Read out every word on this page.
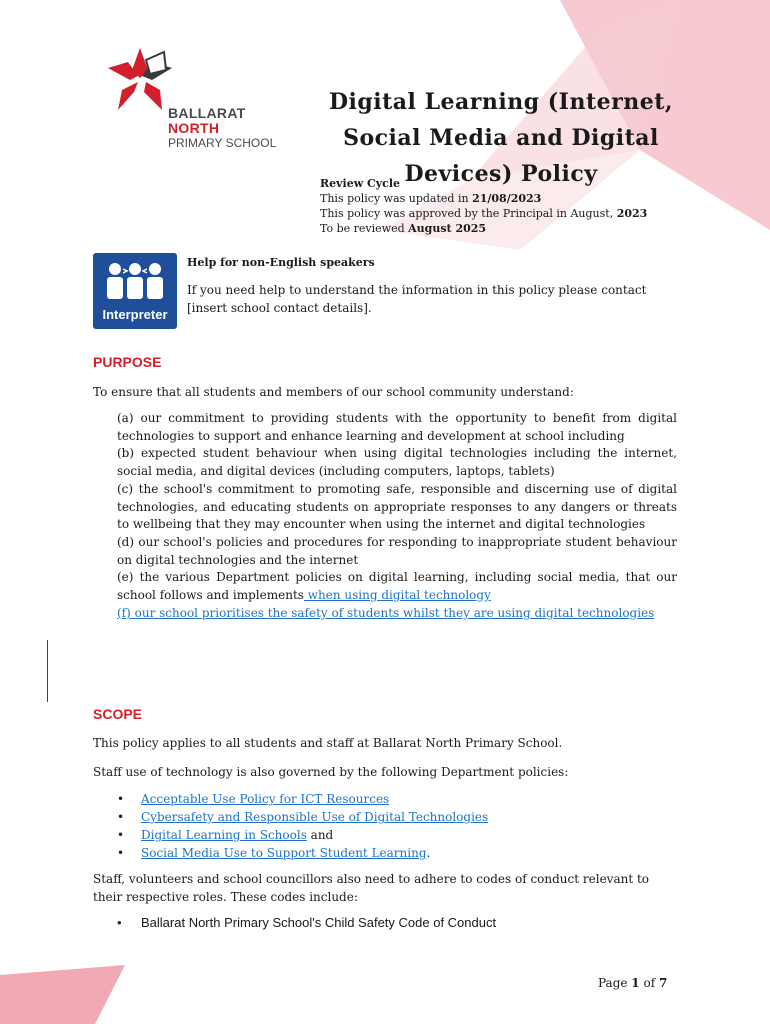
BALLARAT
NORTH
PRIMARY SCHOOL
Digital Learning (Internet,
Social Media and Digital
Devices) Policy
Review Cycle
This policy was updated in 21/08/2023
This policy was approved by the Principal in August, 2023
To be reviewed August 2025
Interpreter
Help for non-English speakers
If you need help to understand the information in this policy please contact [insert school contact details].
PURPOSE
To ensure that all students and members of our school community understand:
(a) our commitment to providing students with the opportunity to benefit from digital technologies to support and enhance learning and development at school including
(b) expected student behaviour when using digital technologies including the internet, social media, and digital devices (including computers, laptops, tablets)
(c) the school's commitment to promoting safe, responsible and discerning use of digital technologies, and educating students on appropriate responses to any dangers or threats to wellbeing that they may encounter when using the internet and digital technologies
(d) our school's policies and procedures for responding to inappropriate student behaviour on digital technologies and the internet
(e) the various Department policies on digital learning, including social media, that our school follows and implements when using digital technology
(f) our school prioritises the safety of students whilst they are using digital technologies
SCOPE
This policy applies to all students and staff at Ballarat North Primary School.
Staff use of technology is also governed by the following Department policies:
• Acceptable Use Policy for ICT Resources
• Cybersafety and Responsible Use of Digital Technologies
• Digital Learning in Schools and
• Social Media Use to Support Student Learning.
Staff, volunteers and school councillors also need to adhere to codes of conduct relevant to their respective roles. These codes include:
• Ballarat North Primary School's Child Safety Code of Conduct
Page 1 of 7
